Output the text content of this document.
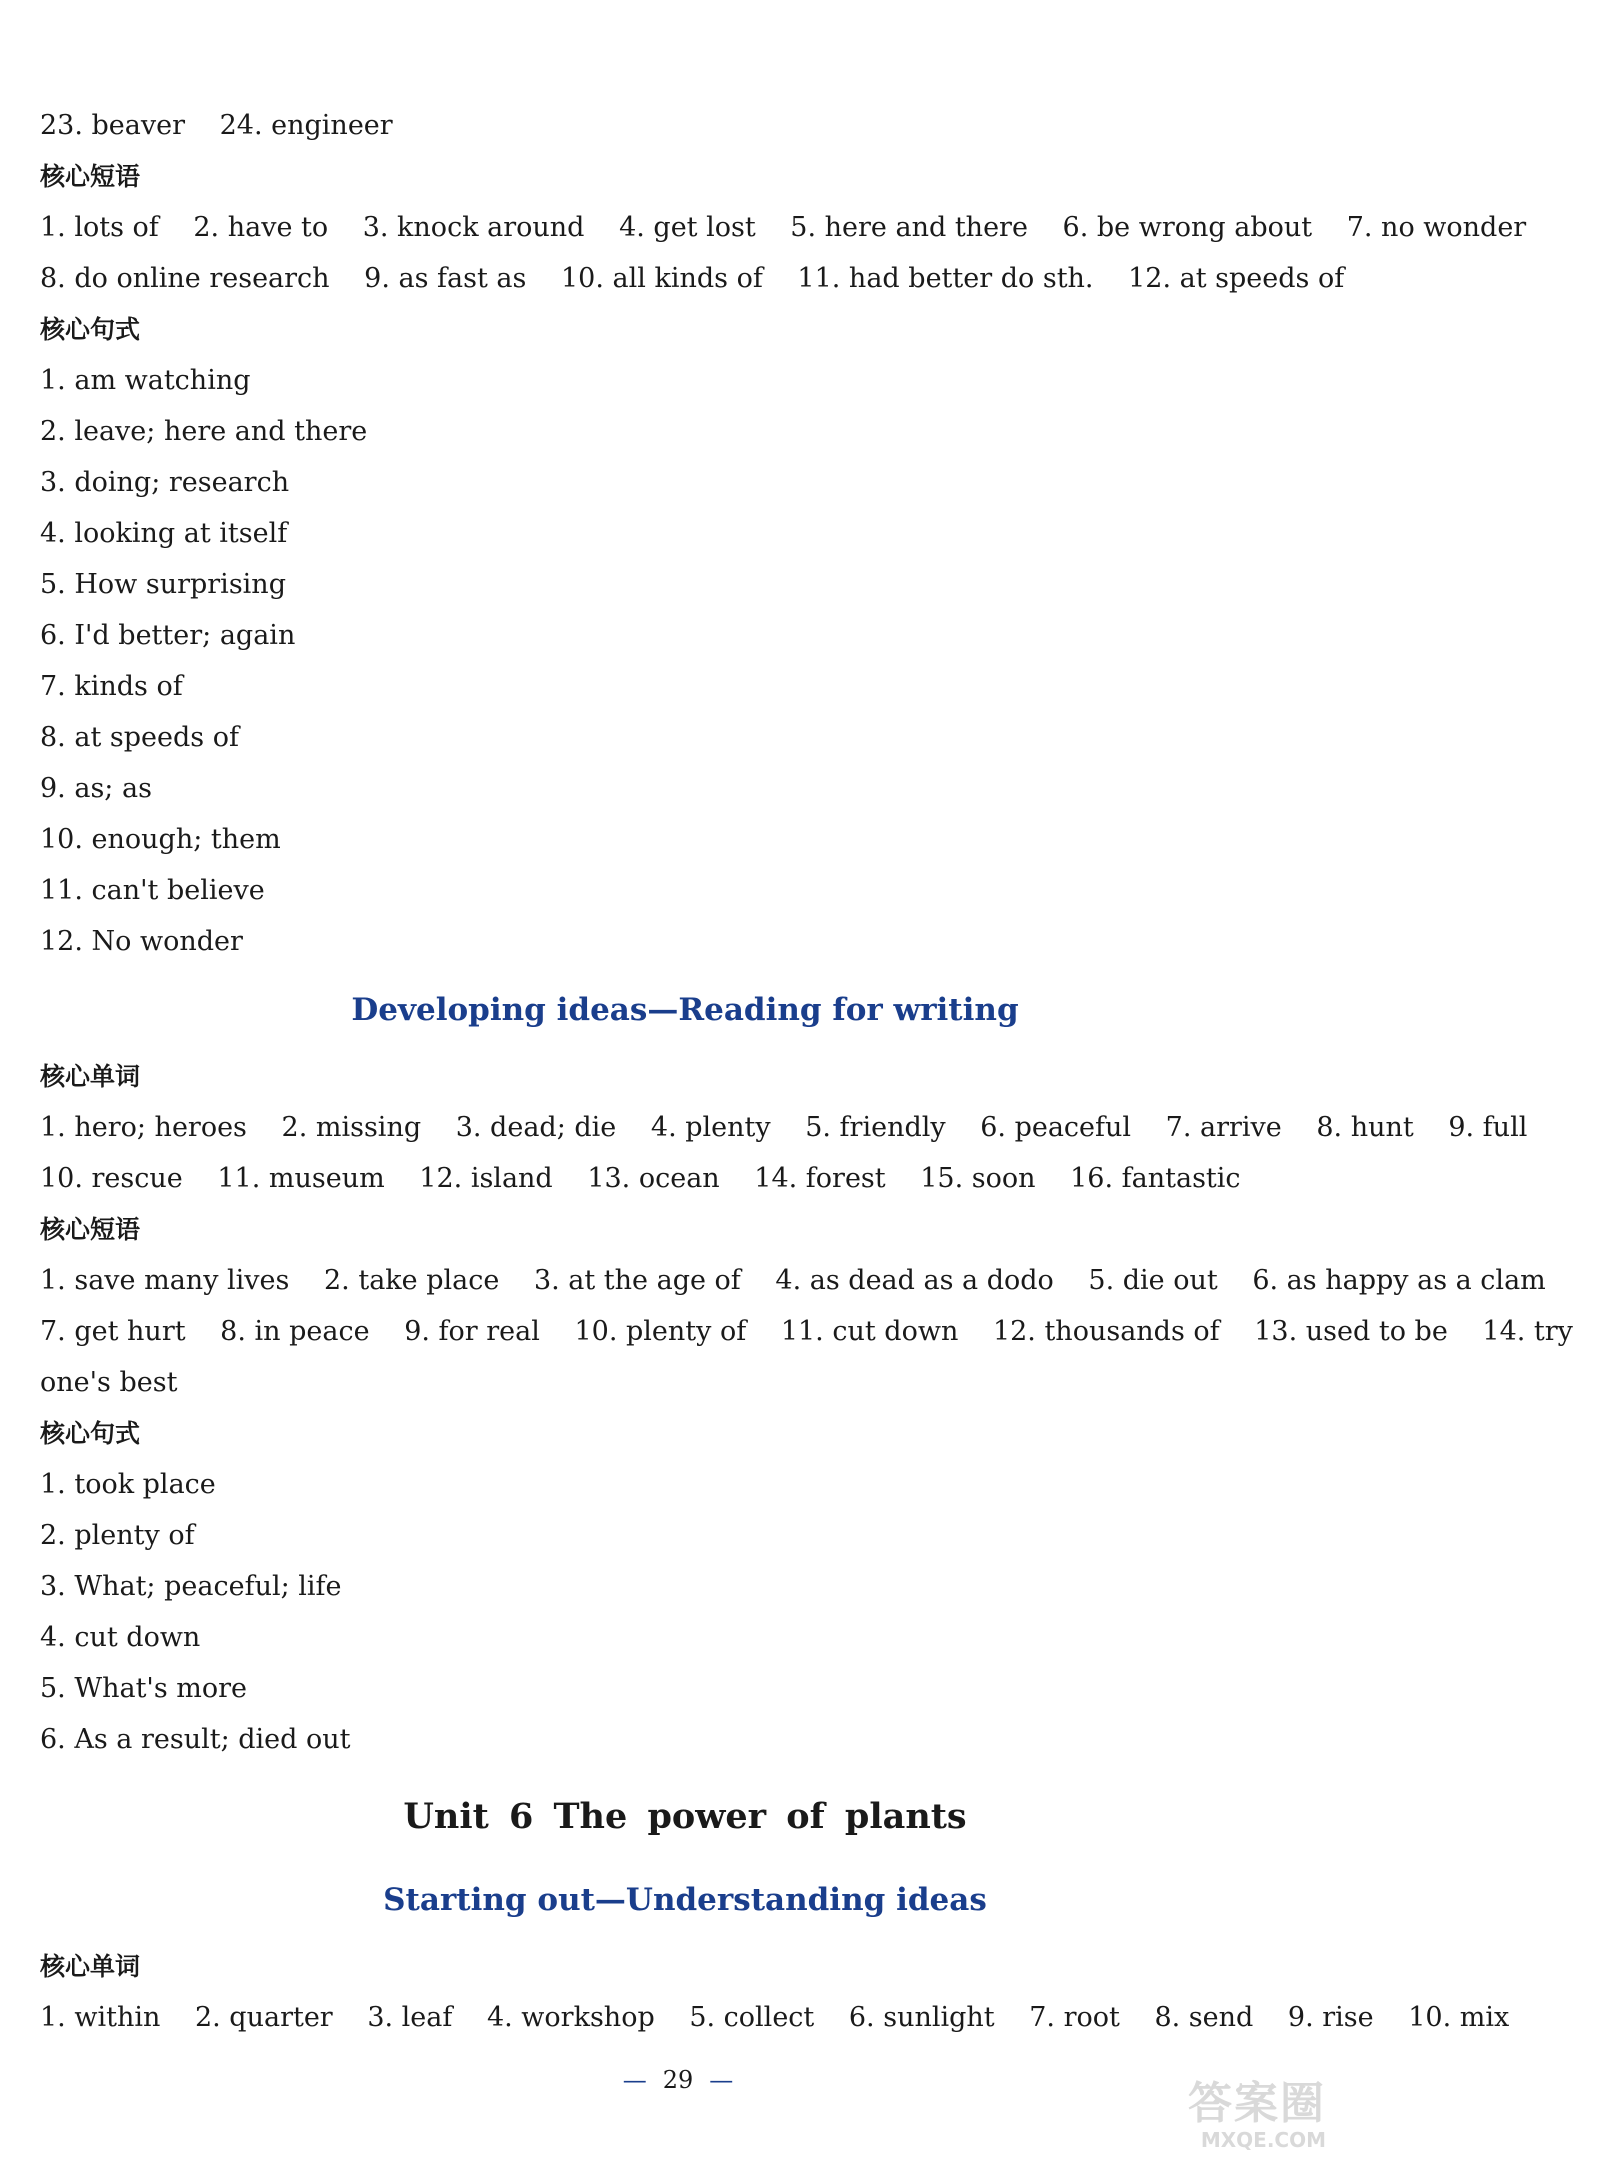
23. beaver 24. engineer
核心短语
1. lots of 2. have to 3. knock around 4. get lost 5. here and there 6. be wrong about 7. no wonder
8. do online research 9. as fast as 10. all kinds of 11. had better do sth. 12. at speeds of
核心句式
1. am watching
2. leave; here and there
3. doing; research
4. looking at itself
5. How surprising
6. I'd better; again
7. kinds of
8. at speeds of
9. as; as
10. enough; them
11. can't believe
12. No wonder
Developing ideas—Reading for writing
核心单词
1. hero; heroes 2. missing 3. dead; die 4. plenty 5. friendly 6. peaceful 7. arrive 8. hunt 9. full
10. rescue 11. museum 12. island 13. ocean 14. forest 15. soon 16. fantastic
核心短语
1. save many lives 2. take place 3. at the age of 4. as dead as a dodo 5. die out 6. as happy as a clam
7. get hurt 8. in peace 9. for real 10. plenty of 11. cut down 12. thousands of 13. used to be 14. try
one's best
核心句式
1. took place
2. plenty of
3. What; peaceful; life
4. cut down
5. What's more
6. As a result; died out
Unit 6 The power of plants
Starting out—Understanding ideas
核心单词
1. within 2. quarter 3. leaf 4. workshop 5. collect 6. sunlight 7. root 8. send 9. rise 10. mix
— 29 —	答案圈
MXQE.COM
